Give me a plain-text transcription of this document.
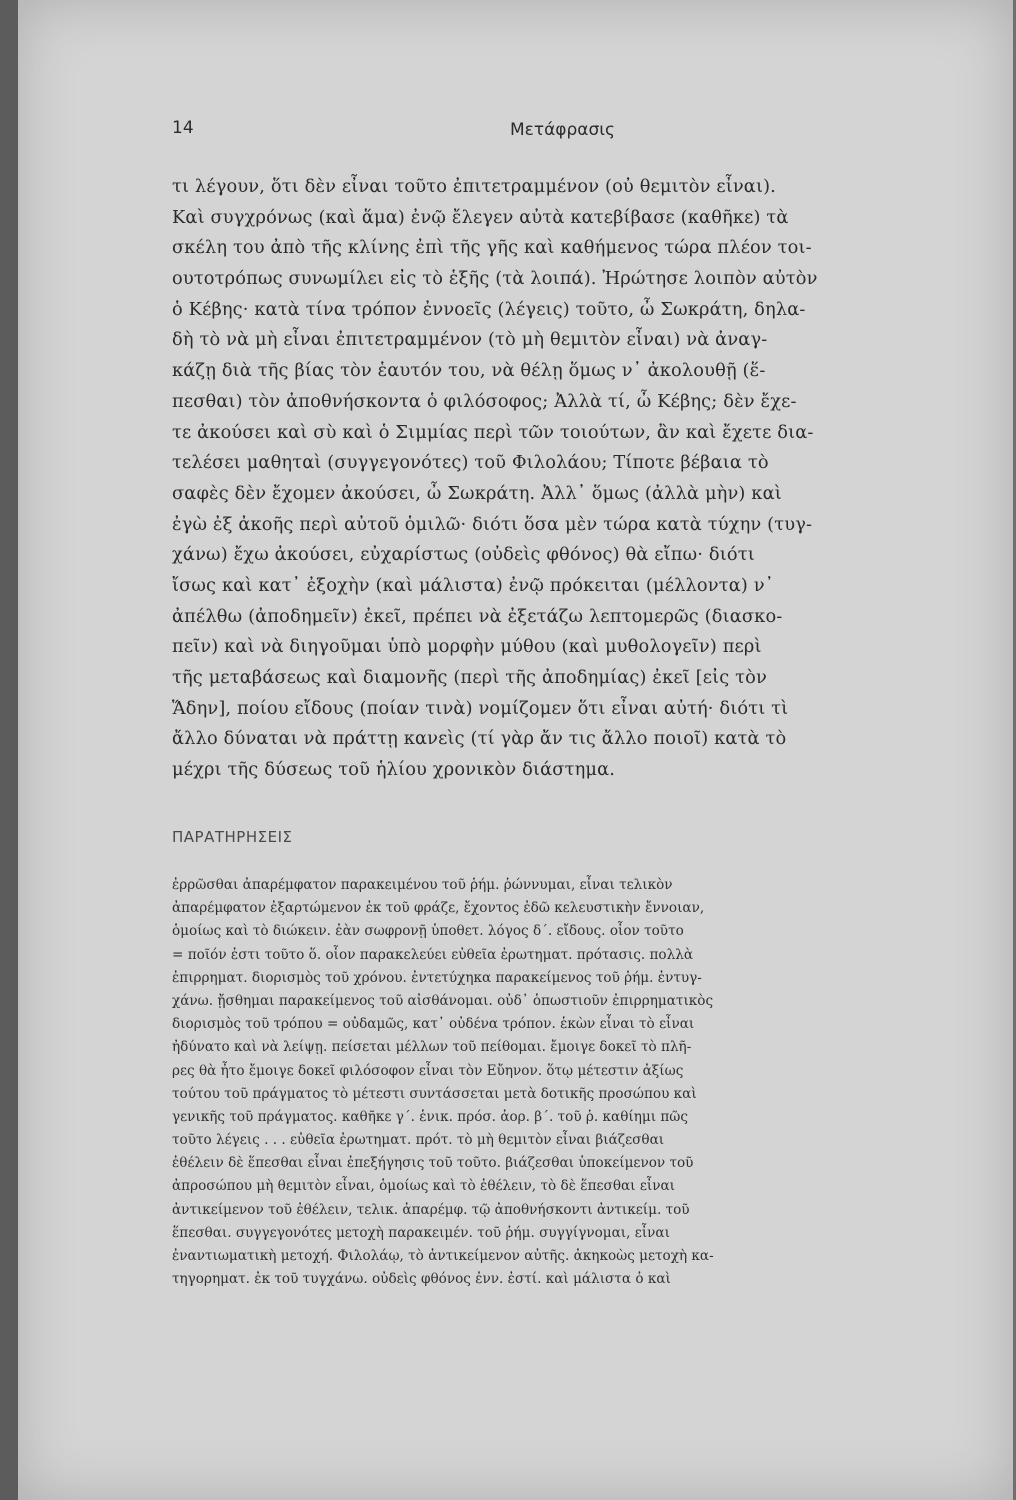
14	Μετάφρασις
τι λέγουν, ὅτι δὲν εἶναι τοῦτο ἐπιτετραμμένον (οὐ θεμιτὸν εἶναι).
Καὶ συγχρόνως (καὶ ἅμα) ἐνῷ ἔλεγεν αὐτὰ κατεβίβασε (καθῆκε) τὰ
σκέλη του ἀπὸ τῆς κλίνης ἐπὶ τῆς γῆς καὶ καθήμενος τώρα πλέον τοι-
ουτοτρόπως συνωμίλει εἰς τὸ ἑξῆς (τὰ λοιπά). Ἠρώτησε λοιπὸν αὐτὸν
ὁ Κέβης· κατὰ τίνα τρόπον ἐννοεῖς (λέγεις) τοῦτο, ὦ Σωκράτη, δηλα-
δὴ τὸ νὰ μὴ εἶναι ἐπιτετραμμένον (τὸ μὴ θεμιτὸν εἶναι) νὰ ἀναγ-
κάζῃ διὰ τῆς βίας τὸν ἑαυτόν του, νὰ θέλῃ ὅμως ν᾽ ἀκολουθῇ (ἕ-
πεσθαι) τὸν ἀποθνήσκοντα ὁ φιλόσοφος; Ἀλλὰ τί, ὦ Κέβης; δὲν ἔχε-
τε ἀκούσει καὶ σὺ καὶ ὁ Σιμμίας περὶ τῶν τοιούτων, ἂν καὶ ἔχετε δια-
τελέσει μαθηταὶ (συγγεγονότες) τοῦ Φιλολάου; Τίποτε βέβαια τὸ
σαφὲς δὲν ἔχομεν ἀκούσει, ὦ Σωκράτη. Ἀλλ᾽ ὅμως (ἀλλὰ μὴν) καὶ
ἐγὼ ἐξ ἀκοῆς περὶ αὐτοῦ ὁμιλῶ· διότι ὅσα μὲν τώρα κατὰ τύχην (τυγ-
χάνω) ἔχω ἀκούσει, εὐχαρίστως (οὐδεὶς φθόνος) θὰ εἴπω· διότι
ἴσως καὶ κατ᾽ ἐξοχὴν (καὶ μάλιστα) ἐνῷ πρόκειται (μέλλοντα) ν᾽
ἀπέλθω (ἀποδημεῖν) ἐκεῖ, πρέπει νὰ ἐξετάζω λεπτομερῶς (διασκο-
πεῖν) καὶ νὰ διηγοῦμαι ὑπὸ μορφὴν μύθου (καὶ μυθολογεῖν) περὶ
τῆς μεταβάσεως καὶ διαμονῆς (περὶ τῆς ἀποδημίας) ἐκεῖ [εἰς τὸν
Ἅδην], ποίου εἴδους (ποίαν τινὰ) νομίζομεν ὅτι εἶναι αὐτή· διότι τὶ
ἄλλο δύναται νὰ πράττῃ κανεὶς (τί γὰρ ἄν τις ἄλλο ποιοῖ) κατὰ τὸ
μέχρι τῆς δύσεως τοῦ ἡλίου χρονικὸν διάστημα.
ΠΑΡΑΤΗΡΗΣΕΙΣ
ἐρρῶσθαι ἀπαρέμφατον παρακειμένου τοῦ ῥήμ. ῥώννυμαι, εἶναι τελικὸν
ἀπαρέμφατον ἐξαρτώμενον ἐκ τοῦ φράζε, ἔχοντος ἐδῶ κελευστικὴν ἔννοιαν,
ὁμοίως καὶ τὸ διώκειν. ἐὰν σωφρονῇ ὑποθετ. λόγος δ΄. εἴδους. οἷον τοῦτο
= ποῖόν ἐστι τοῦτο ὅ. οἷον παρακελεύει εὐθεῖα ἐρωτηματ. πρότασις. πολλὰ
ἐπιρρηματ. διορισμὸς τοῦ χρόνου. ἐντετύχηκα παρακείμενος τοῦ ῥήμ. ἐντυγ-
χάνω. ᾔσθημαι παρακείμενος τοῦ αἰσθάνομαι. οὐδ᾽ ὁπωστιοῦν ἐπιρρηματικὸς
διορισμὸς τοῦ τρόπου = οὐδαμῶς, κατ᾽ οὐδένα τρόπον. ἑκὼν εἶναι τὸ εἶναι
ἠδύνατο καὶ νὰ λείψῃ. πείσεται μέλλων τοῦ πείθομαι. ἔμοιγε δοκεῖ τὸ πλῆ-
ρες θὰ ἦτο ἔμοιγε δοκεῖ φιλόσοφον εἶναι τὸν Εὔηνον. ὅτῳ μέτεστιν ἀξίως
τούτου τοῦ πράγματος τὸ μέτεστι συντάσσεται μετὰ δοτικῆς προσώπου καὶ
γενικῆς τοῦ πράγματος. καθῆκε γ΄. ἑνικ. πρόσ. ἀορ. β΄. τοῦ ῥ. καθίημι πῶς
τοῦτο λέγεις . . . εὐθεῖα ἐρωτηματ. πρότ. τὸ μὴ θεμιτὸν εἶναι βιάζεσθαι
ἐθέλειν δὲ ἕπεσθαι εἶναι ἐπεξήγησις τοῦ τοῦτο. βιάζεσθαι ὑποκείμενον τοῦ
ἀπροσώπου μὴ θεμιτὸν εἶναι, ὁμοίως καὶ τὸ ἐθέλειν, τὸ δὲ ἕπεσθαι εἶναι
ἀντικείμενον τοῦ ἐθέλειν, τελικ. ἀπαρέμφ. τῷ ἀποθνήσκοντι ἀντικείμ. τοῦ
ἕπεσθαι. συγγεγονότες μετοχὴ παρακειμέν. τοῦ ῥήμ. συγγίγνομαι, εἶναι
ἐναντιωματικὴ μετοχή. Φιλολάῳ, τὸ ἀντικείμενον αὐτῆς. ἀκηκοὼς μετοχὴ κα-
τηγορηματ. ἐκ τοῦ τυγχάνω. οὐδεὶς φθόνος ἐνν. ἐστί. καὶ μάλιστα ὁ καὶ
